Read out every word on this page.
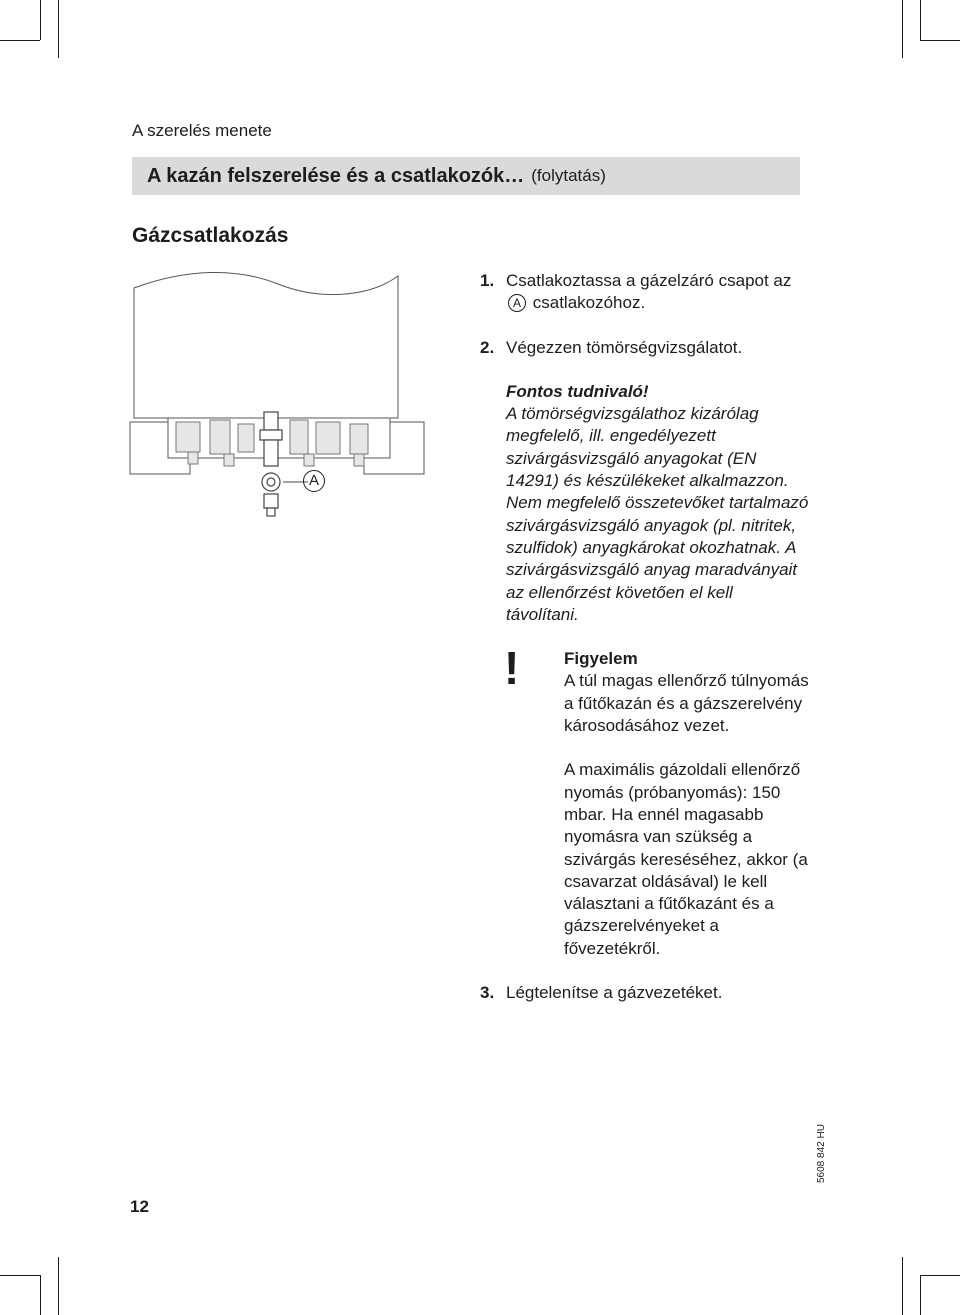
A szerelés menete
A kazán felszerelése és a csatlakozók… (folytatás)
Gázcsatlakozás
A
1. Csatlakoztassa a gázelzáró csapot az A csatlakozóhoz.
2. Végezzen tömörségvizsgálatot.
Fontos tudnivaló!
A tömörségvizsgálathoz kizárólag megfelelő, ill. engedélyezett szivárgásvizsgáló anyagokat (EN 14291) és készülékeket alkalmazzon. Nem megfelelő összetevőket tartalmazó szivárgásvizsgáló anyagok (pl. nitritek, szulfidok) anyagkárokat okozhatnak. A szivárgásvizsgáló anyag maradványait az ellenőrzést követően el kell távolítani.
!	Figyelem
A túl magas ellenőrző túlnyomás a fűtőkazán és a gázszerelvény károsodásához vezet.
A maximális gázoldali ellenőrző nyomás (próbanyomás): 150 mbar. Ha ennél magasabb nyomásra van szükség a szivárgás kereséséhez, akkor (a csavarzat oldásával) le kell választani a fűtőkazánt és a gázszerelvényeket a fővezetékről.
3. Légtelenítse a gázvezetéket.
12
5608 842 HU
